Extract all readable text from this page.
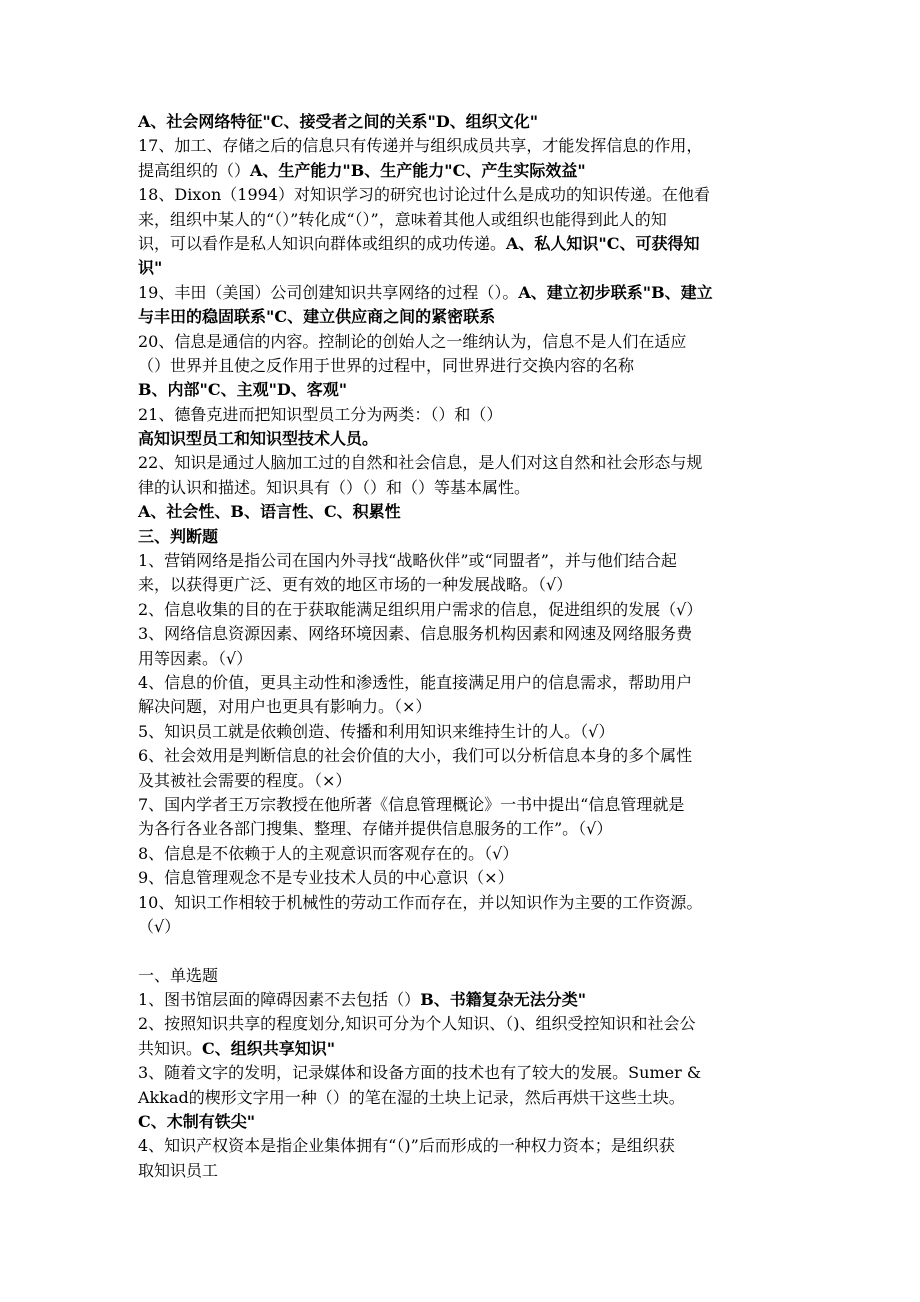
A、社会网络特征"C、接受者之间的关系"D、组织文化"
17、加工、存储之后的信息只有传递并与组织成员共享，才能发挥信息的作用，
提高组织的（）A、生产能力"B、生产能力"C、产生实际效益"
18、Dixon（1994）对知识学习的研究也讨论过什么是成功的知识传递。在他看
来，组织中某人的“（）”转化成“（）”，意味着其他人或组织也能得到此人的知
识，可以看作是私人知识向群体或组织的成功传递。A、私人知识"C、可获得知
识"
19、丰田（美国）公司创建知识共享网络的过程（）。A、建立初步联系"B、建立
与丰田的稳固联系"C、建立供应商之间的紧密联系
20、信息是通信的内容。控制论的创始人之一维纳认为，信息不是人们在适应
（）世界并且使之反作用于世界的过程中，同世界进行交换内容的名称
B、内部"C、主观"D、客观"
21、德鲁克进而把知识型员工分为两类：（）和（）
高知识型员工和知识型技术人员。
22、知识是通过人脑加工过的自然和社会信息，是人们对这自然和社会形态与规
律的认识和描述。知识具有（）（）和（）等基本属性。
A、社会性、B、语言性、C、积累性
三、判断题
1、营销网络是指公司在国内外寻找“战略伙伴”或“同盟者”，并与他们结合起
来，以获得更广泛、更有效的地区市场的一种发展战略。（√）
2、信息收集的目的在于获取能满足组织用户需求的信息，促进组织的发展（√）
3、网络信息资源因素、网络环境因素、信息服务机构因素和网速及网络服务费
用等因素。（√）
4、信息的价值，更具主动性和渗透性，能直接满足用户的信息需求，帮助用户
解决问题，对用户也更具有影响力。（×）
5、知识员工就是依赖创造、传播和利用知识来维持生计的人。（√）
6、社会效用是判断信息的社会价值的大小，我们可以分析信息本身的多个属性
及其被社会需要的程度。（×）
7、国内学者王万宗教授在他所著《信息管理概论》一书中提出“信息管理就是
为各行各业各部门搜集、整理、存储并提供信息服务的工作”。（√）
8、信息是不依赖于人的主观意识而客观存在的。（√）
9、信息管理观念不是专业技术人员的中心意识（×）
10、知识工作相较于机械性的劳动工作而存在，并以知识作为主要的工作资源。
（√）
一、单选题
1、图书馆层面的障碍因素不去包括（）B、书籍复杂无法分类"
2、按照知识共享的程度划分,知识可分为个人知识、（)、组织受控知识和社会公
共知识。C、组织共享知识"
3、随着文字的发明，记录媒体和设备方面的技术也有了较大的发展。Sumer &
Akkad的楔形文字用一种（）的笔在湿的土块上记录，然后再烘干这些土块。
C、木制有铁尖"
4、知识产权资本是指企业集体拥有“（)”后而形成的一种权力资本；是组织获
取知识员工
